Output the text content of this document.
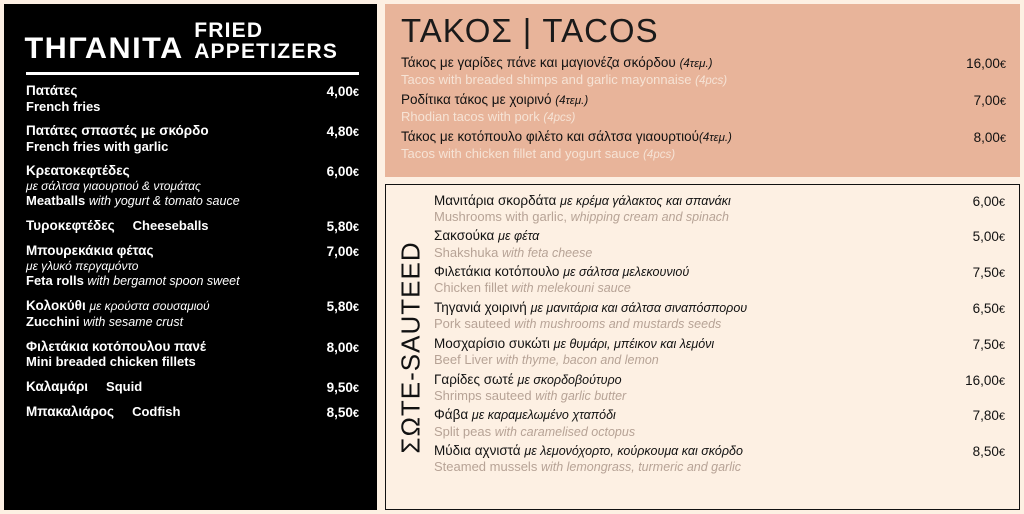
ΤΗΓΑΝΙΤΑ
FRIED APPETIZERS
Πατάτες
French fries
4,00€
Πατάτες σπαστές με σκόρδο
French fries with garlic
4,80€
Κρεατοκεφτέδες
με σάλτσα γιαουρτιού & ντομάτας
Meatballs with yogurt & tomato sauce
6,00€
Τυροκεφτέδες Cheeseballs	5,80€
Μπουρεκάκια φέτας
με γλυκό περγαμόντο
Feta rolls with bergamot spoon sweet
7,00€
Κολοκύθι με κρούστα σουσαμιού
Zucchini with sesame crust
5,80€
Φιλετάκια κοτόπουλου πανέ
Mini breaded chicken fillets
8,00€
Καλαμάρι Squid	9,50€
Μπακαλιάρος Codfish	8,50€
ΤΑΚΟΣ | TACOS
Τάκος με γαρίδες πάνε και μαγιονέζα σκόρδου (4τεμ.)
Tacos with breaded shimps and garlic mayonnaise (4pcs)
16,00€
Ροδίτικα τάκος με χοιρινό (4τεμ.)
Rhodian tacos with pork (4pcs)
7,00€
Τάκος με κοτόπουλο φιλέτο και σάλτσα γιαουρτιού(4τεμ.)
Tacos with chicken fillet and yogurt sauce (4pcs)
8,00€
ΣΩΤΕ-SAUTEED
Μανιτάρια σκορδάτα με κρέμα γάλακτος και σπανάκι
Mushrooms with garlic, whipping cream and spinach
6,00€
Σακσούκα με φέτα
Shakshuka with feta cheese
5,00€
Φιλετάκια κοτόπουλο με σάλτσα μελεκουνιού
Chicken fillet with melekouni sauce
7,50€
Τηγανιά χοιρινή με μανιτάρια και σάλτσα σιναπόσπορου
Pork sauteed with mushrooms and mustards seeds
6,50€
Μοσχαρίσιο συκώτι με θυμάρι, μπέικον και λεμόνι
Beef Liver with thyme, bacon and lemon
7,50€
Γαρίδες σωτέ με σκορδοβούτυρο
Shrimps sauteed with garlic butter
16,00€
Φάβα με καραμελωμένο χταπόδι
Split peas with caramelised octopus
7,80€
Μύδια αχνιστά με λεμονόχορτο, κούρκουμα και σκόρδο
Steamed mussels with lemongrass, turmeric and garlic
8,50€
